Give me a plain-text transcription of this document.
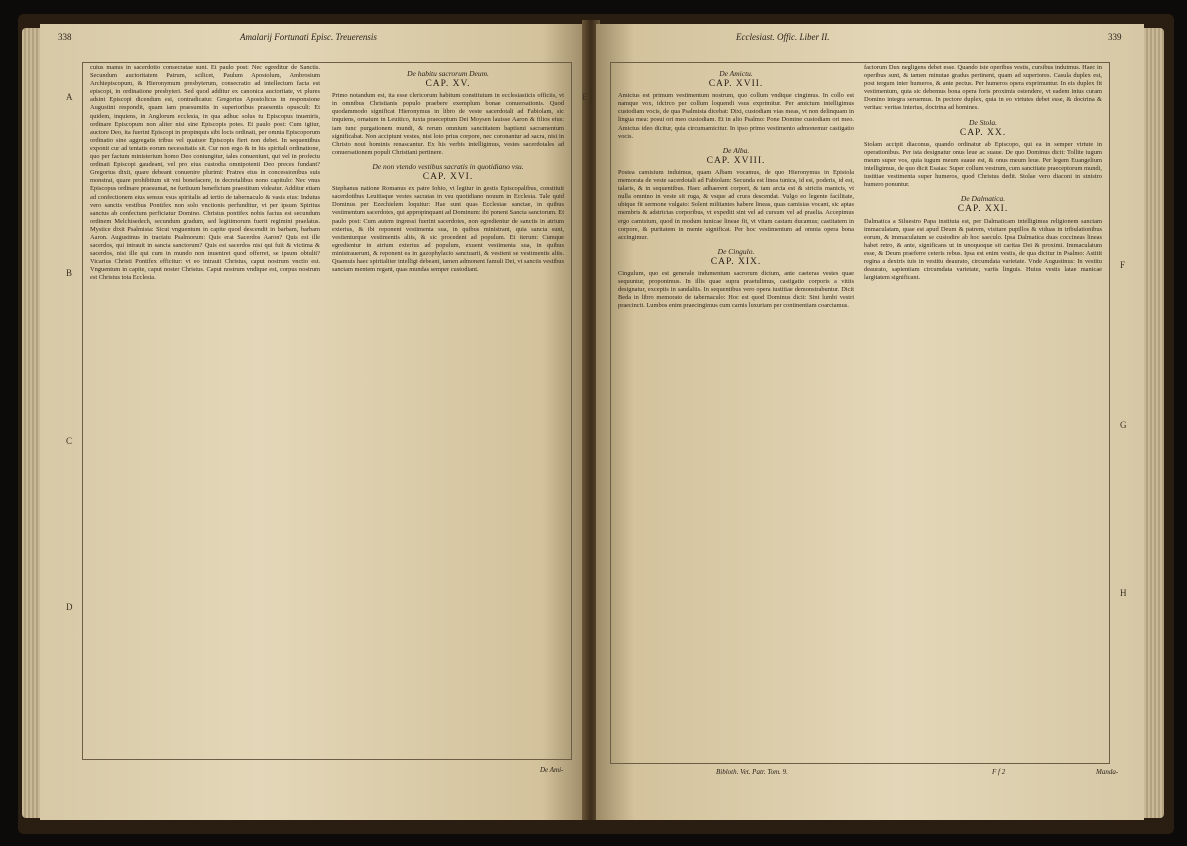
338	Amalarij Fortunati Episc. Treuerensis
A
B
C
D

cuius manus in sacerdotio consecratae sunt. Et paulo post: Nec egreditur de Sanctis. Secundum auctoritatem Patrum, scilicet, Paulum Apostolum, Ambrosium Archiepiscopum, & Hieronymum presbyterum, consecratio ad intellectum facta est episcopi, in ordinatione presbyteri. Sed quod additur ex canonica auctoritate, vt plures adsint Episcopi dicendum est, contradicatur. Gregorius Apostolicus in responsione Augustini respondit, quam iam praesumitis in superioribus praesentis opusculi: Et quidem, inquiens, in Anglorum ecclesia, in qua adhuc solus tu Episcopus inueniris, ordinare Episcopum non aliter nisi sine Episcopis potes. Et paulo post: Cum igitur, auctore Deo, ita fuerint Episcopi in propinquis sibi locis ordinati, per omnia Episcoporum ordinatio sine aggregatis tribus vel quatuor Episcopis fieri non debet. In sequentibus exponit cur ad tentatis eorum necessitatis sit. Cur non ergo & in his spiritali ordinatione, quo per factum ministerium homo Deo coniungitur, tales conueniunt, qui vel in profectu ordinati Episcopi gaudeant, vel pro eius custodia omnipotenti Deo preces fundant? Gregorius dixit, quare debeant conuenire plurimi: Fratres eius in concessionibus suis monstrat, quare prohibitum sit vni bonefacere, in decretalibus nono capitulo: Nec vnus Episcopus ordinare praesumat, ne furtiuum beneficium praestitum videatur. Additur etiam ad confectionem eius sensus vsus spiritalis ad tertio de tabernaculo & vasis eius: Indutus vero sanctis vestibus Pontifex non solo vnctionis perfunditur, vt per ipsum Spiritus sanctus ab confectum perficiatur Domino. Christus pontifex nobis factus est secundum ordinem Melchisedech, secundum gradum, sed legitimorum fuerit regimini praelatus. Mystice dixit Psalmista: Sicut vnguentum in capite quod descendit in barbam, barbam Aaron. Augustinus in tractatu Psalmorum: Quis erat Sacerdos Aaron? Quis est ille sacerdos, qui intrauit in sancta sanctorum? Quis est sacerdos nisi qui fuit & victima & sacerdos, nisi ille qui cum in mundo non inueniret quod offerret, se ipsum obtulit? Vicarius Christi Pontifex efficitur: vt eo intrauit Christus, caput nostrum vnctio est. Vnguentum in capite, caput noster Christus. Caput nostrum vndique est, corpus nostrum est Christus tota Ecclesia.

De habitu sacrorum Deum.
CAP. XV.

Primo notandum est, ita esse clericorum habitum constitutum in ecclesiasticis officiis, vt in omnibus Christianis populo praebere exemplum bonae conuersationis. Quod quodammodo significat Hieronymus in libro de veste sacerdotali ad Fabiolam, sic inquiens, ornatum in Leuitico, iuxta praeceptum Dei Moysen lauisse Aaron & filios eius: iam tunc purgationem mundi, & rerum omnium sanctitatem baptismi sacramentum significabat. Non accipiunt vestes, nisi loto prius corpore, nec coronantur ad sacra, nisi in Christo noui hominis renascantur. Ex his verbis intelligimus, vestes sacerdotales ad conuersationem populi Christiani pertinere.

De non vtendo vestibus sacratis in quotidiano vsu.
CAP. XVI.

Stephanus natione Romanus ex patre Iohio, vt legitur in gestis Episcopalibus, constituit sacerdotibus Leuitisque vestes sacratas in vsu quotidiano nouum in Ecclesia. Tale quid Dominus per Ezechielem loquitur: Hae sunt quas Ecclesiae sanctae, in quibus vestimentum sacerdotes, qui appropinquant ad Dominum: ibi ponent Sancta sanctorum. Et paulo post: Cum autem ingressi fuerint sacerdotes, non egredientur de sanctis in atrium exterius, & ibi reponent vestimenta sua, in quibus ministrant, quia sancta sunt, vestienturque vestimentis aliis, & sic procedent ad populum. Et iterum: Cumque egredientur in atrium exterius ad populum, exuent vestimenta sua, in quibus ministrauerunt, & reponent ea in gazophylacio sanctuarii, & vestient se vestimentis aliis. Quamuis haec spiritaliter intelligi debeant, tamen admonent famuli Dei, vt sanctis vestibus sanctam mentem regant, quas mundas semper custodiant.

De Ami-
Ecclesiast. Offic. Liber II.	339
E
F
G
H
De Amictu.
CAP. XVII.

Amictus est primum vestimentum nostrum, quo collum vndique cingimus. In collo est namque vox, idcirco per collum loquendi vsus exprimitur. Per amictum intelligimus custodiam vocis, de qua Psalmista dicebat: Dixi, custodiam vias meas, vt non delinquam in lingua mea: posui ori meo custodiam. Et in alio Psalmo: Pone Domine custodiam ori meo. Amictus ideo dicitur, quia circumamicitur. In ipso primo vestimento admonemur castigatio vocis.

De Alba.
CAP. XVIII.

Postea camisium induimus, quam Albam vocamus, de quo Hieronymus in Epistola memorata de veste sacerdotali ad Fabiolam: Secunda est linea tunica, id est, poderis, id est, talaris, & in sequentibus. Haec adhaerent corpori, & tam arcta est & strictis manicis, vt nulla omnino in veste sit ruga, & vsque ad crura descendat. Vulgo eo legente facilitate, ubique fit sermone vulgato: Solent militantes habere lineas, quas camisias vocant, sic aptas membris & adstrictas corporibus, vt expediti sint vel ad cursum vel ad praelia. Accepimus ergo camisium, quod in modum tunicae lineae fit, vt vitam castam ducamus; castitatem in corpore, & puritatem in mente significat. Per hoc vestimentum ad omnia opera bona accingimur.

De Cingulo.
CAP. XIX.

Cingulum, quo est generale indumentum sacrorum dictum, ante caeteras vestes quae sequuntur, proponimus. In illis quae supra praetulimus, castigatio corporis a vitiis designatur, exceptis in sandaliis. In sequentibus vero opera iustitiae demonstrabuntur. Dicit Beda in libro memorato de tabernaculo: Hoc est quod Dominus dicit: Sint lumbi vestri praecincti. Lumbos enim praecingimus cum carnis luxuriam per continentiam coarctamus.

factorum Dux negligens debet esse. Quando iste operibus vestis, cursibus induimus. Haec in operibus sunt, & tamen minutae gradus pertinent, quam ad superiores. Casula duplex est, post tergum inter humeros, & ante pectus. Per humeros opera exprimuntur. In eis duplex fit vestimentum, quia sic debemus bona opera foris proximis ostendere, vt eadem intus curam Domino integra seruemus. In pectore duplex, quia in eo virtutes debet esse, & doctrina & veritas: veritas interius, doctrina ad homines.

De Stola.
CAP. XX.

Stolam accipit diaconus, quando ordinatur ab Episcopo, qui ea in semper virtute in operationibus. Per ista designatur onus leue ac suaue. De quo Dominus dicit: Tollite iugum meum super vos, quia iugum meum suaue est, & onus meum leue. Per legem Euangelium intelligimus, de quo dicit Esaias: Super collum vestrum, cum sanctitate praeceptorum mundi, iustitiae vestimenta super humeros, quod Christus dedit. Stolae vero diaconi in sinistro humero ponuntur.

De Dalmatica.
CAP. XXI.

Dalmatica a Siluestro Papa instituta est, per Dalmaticam intelligimus religionem sanctam immaculatam, quae est apud Deum & patrem, visitare pupillos & viduas in tribulationibus eorum, & immaculatum se custodire ab hoc saeculo. Ipsa Dalmatica duas coccineas lineas habet retro, & ante, significans ut in unoquoque sit caritas Dei & proximi. Immaculatum esse, & Deum praeferre ceteris rebus. Ipsa est enim vestis, de qua dicitur in Psalmo: Astitit regina a dextris tuis in vestitu deaurato, circumdata varietate. Vnde Augustinus: In vestitu deaurato, sapientiam circumdata varietate, variis linguis. Huius vestis latae manicae largitatem significant.

Bibloth. Vet. Patr. Tom. 9.	F f 2	Manda-
